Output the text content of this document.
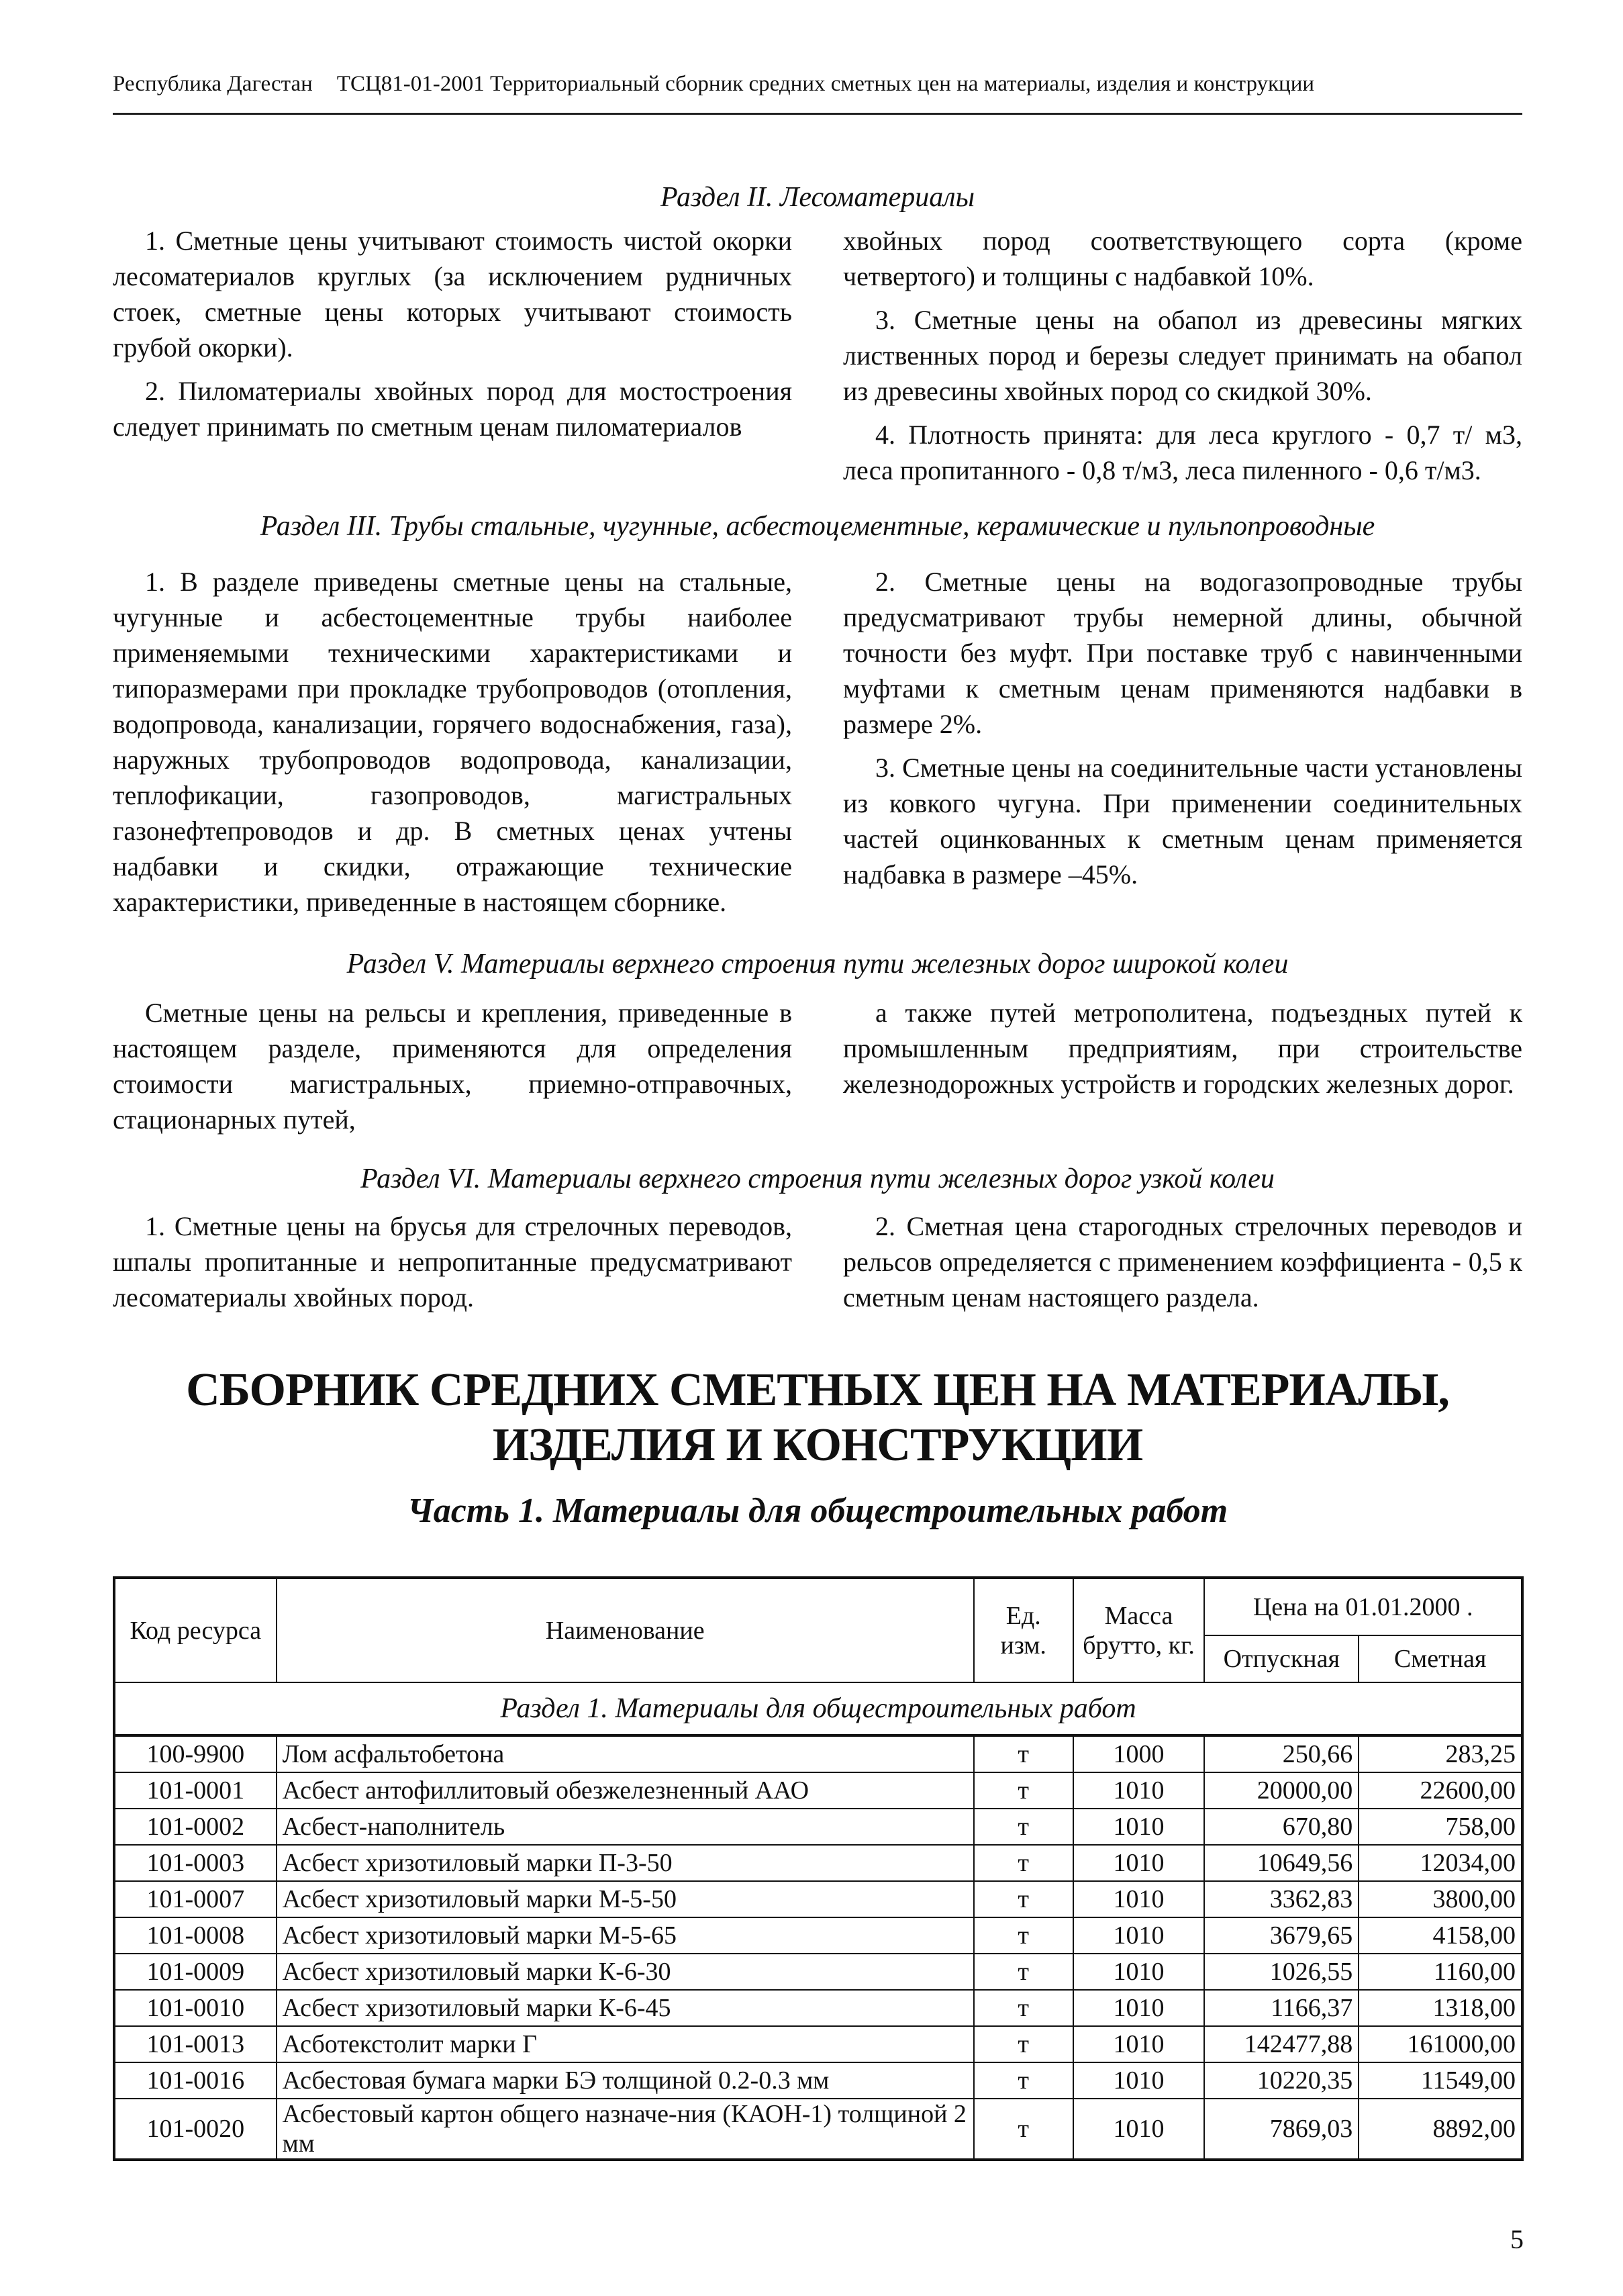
Республика Дагестан ТСЦ81-01-2001 Территориальный сборник средних сметных цен на материалы, изделия и конструкции
Раздел II. Лесоматериалы

1. Сметные цены учитывают стоимость чистой окорки лесоматериалов круглых (за исключением рудничных стоек, сметные цены которых учитывают стоимость грубой окорки).

2. Пиломатериалы хвойных пород для мостостроения следует принимать по сметным ценам пиломатериалов

хвойных пород соответствующего сорта (кроме четвертого) и толщины с надбавкой 10%.

3. Сметные цены на обапол из древесины мягких лиственных пород и березы следует принимать на обапол из древесины хвойных пород со скидкой 30%.

4. Плотность принята: для леса круглого - 0,7 т/ м3, леса пропитанного - 0,8 т/м3, леса пиленного - 0,6 т/м3.

Раздел III. Трубы стальные, чугунные, асбестоцементные, керамические и пульпопроводные

1. В разделе приведены сметные цены на стальные, чугунные и асбестоцементные трубы наиболее применяемыми техническими характеристиками и типоразмерами при прокладке трубопроводов (отопления, водопровода, канализации, горячего водоснабжения, газа), наружных трубопроводов водопровода, канализации, теплофикации, газопроводов, магистральных газонефтепроводов и др. В сметных ценах учтены надбавки и скидки, отражающие технические характеристики, приведенные в настоящем сборнике.

2. Сметные цены на водогазопроводные трубы предусматривают трубы немерной длины, обычной точности без муфт. При поставке труб с навинченными муфтами к сметным ценам применяются надбавки в размере 2%.

3. Сметные цены на соединительные части установлены из ковкого чугуна. При применении соединительных частей оцинкованных к сметным ценам применяется надбавка в размере –45%.

Раздел V. Материалы верхнего строения пути железных дорог широкой колеи

Сметные цены на рельсы и крепления, приведенные в настоящем разделе, применяются для определения стоимости магистральных, приемно-отправочных, стационарных путей,

а также путей метрополитена, подъездных путей к промышленным предприятиям, при строительстве железнодорожных устройств и городских железных дорог.

Раздел VI. Материалы верхнего строения пути железных дорог узкой колеи

1. Сметные цены на брусья для стрелочных переводов, шпалы пропитанные и непропитанные предусматривают лесоматериалы хвойных пород.

2. Сметная цена старогодных стрелочных переводов и рельсов определяется с применением коэффициента - 0,5 к сметным ценам настоящего раздела.

СБОРНИК СРЕДНИХ СМЕТНЫХ ЦЕН НА МАТЕРИАЛЫ,
ИЗДЕЛИЯ И КОНСТРУКЦИИ
Часть 1. Материалы для общестроительных работ
Код ресурса	Наименование	Ед. изм.	Масса брутто, кг.	Цена на 01.01.2000 .	
				Отпускная	Сметная
Раздел 1. Материалы для общестроительных работ					
100-9900	Лом асфальтобетона	т	1000	250,66	283,25
101-0001	Асбест антофиллитовый обезжелезненный ААО	т	1010	20000,00	22600,00
101-0002	Асбест-наполнитель	т	1010	670,80	758,00
101-0003	Асбест хризотиловый марки П-3-50	т	1010	10649,56	12034,00
101-0007	Асбест хризотиловый марки М-5-50	т	1010	3362,83	3800,00
101-0008	Асбест хризотиловый марки М-5-65	т	1010	3679,65	4158,00
101-0009	Асбест хризотиловый марки К-6-30	т	1010	1026,55	1160,00
101-0010	Асбест хризотиловый марки К-6-45	т	1010	1166,37	1318,00
101-0013	Асботекстолит марки Г	т	1010	142477,88	161000,00
101-0016	Асбестовая бумага марки БЭ толщиной 0.2-0.3 мм	т	1010	10220,35	11549,00
101-0020	Асбестовый картон общего назначе-ния (КАОН-1) толщиной 2 мм	т	1010	7869,03	8892,00
5
